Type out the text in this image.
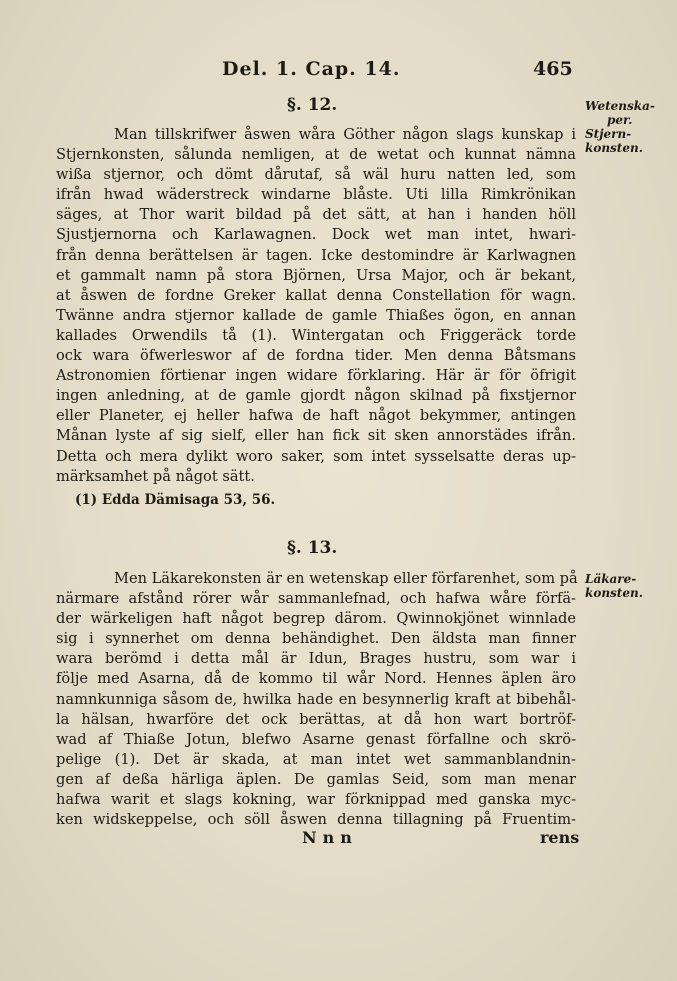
Del. 1. Cap. 14.	465
§. 12.	Wetenska-
per.
Stjern-
konsten.
Man tillskrifwer åswen wåra Göther någon slags kunskap i
Stjernkonsten, sålunda nemligen, at de wetat och kunnat nämna
wißa stjernor, och dömt dårutaf, så wäl huru natten led, som
ifrån hwad wäderstreck windarne blåste. Uti lilla Rimkrönikan
säges, at Thor warit bildad på det sätt, at han i handen höll
Sjustjernorna och Karlawagnen. Dock wet man intet, hwari-
från denna berättelsen är tagen. Icke destomindre är Karlwagnen
et gammalt namn på stora Björnen, Ursa Major, och är bekant,
at åswen de fordne Greker kallat denna Constellation för wagn.
Twänne andra stjernor kallade de gamle Thiaßes ögon, en annan
kallades Orwendils tå (1). Wintergatan och Friggeräck torde
ock wara öfwerleswor af de fordna tider. Men denna Båtsmans
Astronomien förtienar ingen widare förklaring. Här är för öfrigit
ingen anledning, at de gamle gjordt någon skilnad på fixstjernor
eller Planeter, ej heller hafwa de haft något bekymmer, antingen
Månan lyste af sig sielf, eller han fick sit sken annorstädes ifrån.
Detta och mera dylikt woro saker, som intet sysselsatte deras up-
märksamhet på något sätt.
(1) Edda Dämisaga 53, 56.
§. 13.
Läkare-
konsten.
Men Läkarekonsten är en wetenskap eller förfarenhet, som på
närmare afstånd rörer wår sammanlefnad, och hafwa wåre förfä-
der wärkeligen haft något begrep därom. Qwinnokjönet winnlade
sig i synnerhet om denna behändighet. Den äldsta man finner
wara berömd i detta mål är Idun, Brages hustru, som war i
följe med Asarna, då de kommo til wår Nord. Hennes äplen äro
namnkunniga såsom de, hwilka hade en besynnerlig kraft at bibehål-
la hälsan, hwarföre det ock berättas, at då hon wart bortröf-
wad af Thiaße Jotun, blefwo Asarne genast förfallne och skrö-
pelige (1). Det är skada, at man intet wet sammanblandnin-
gen af deßa härliga äplen. De gamlas Seid, som man menar
hafwa warit et slags kokning, war förknippad med ganska myc-
ken widskeppelse, och söll åswen denna tillagning på Fruentim-
Nnn	rens
